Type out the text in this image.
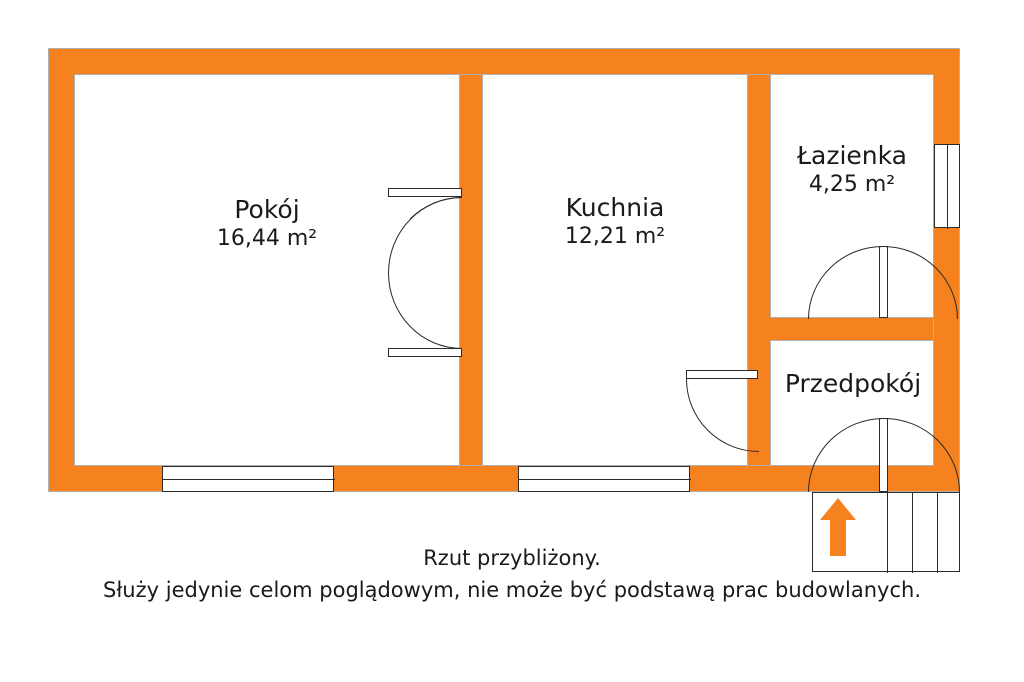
Pokój
16,44 m²
Kuchnia
12,21 m²
Łazienka
4,25 m²
Przedpokój
Rzut przybliżony.
Służy jedynie celom poglądowym, nie może być podstawą prac budowlanych.
